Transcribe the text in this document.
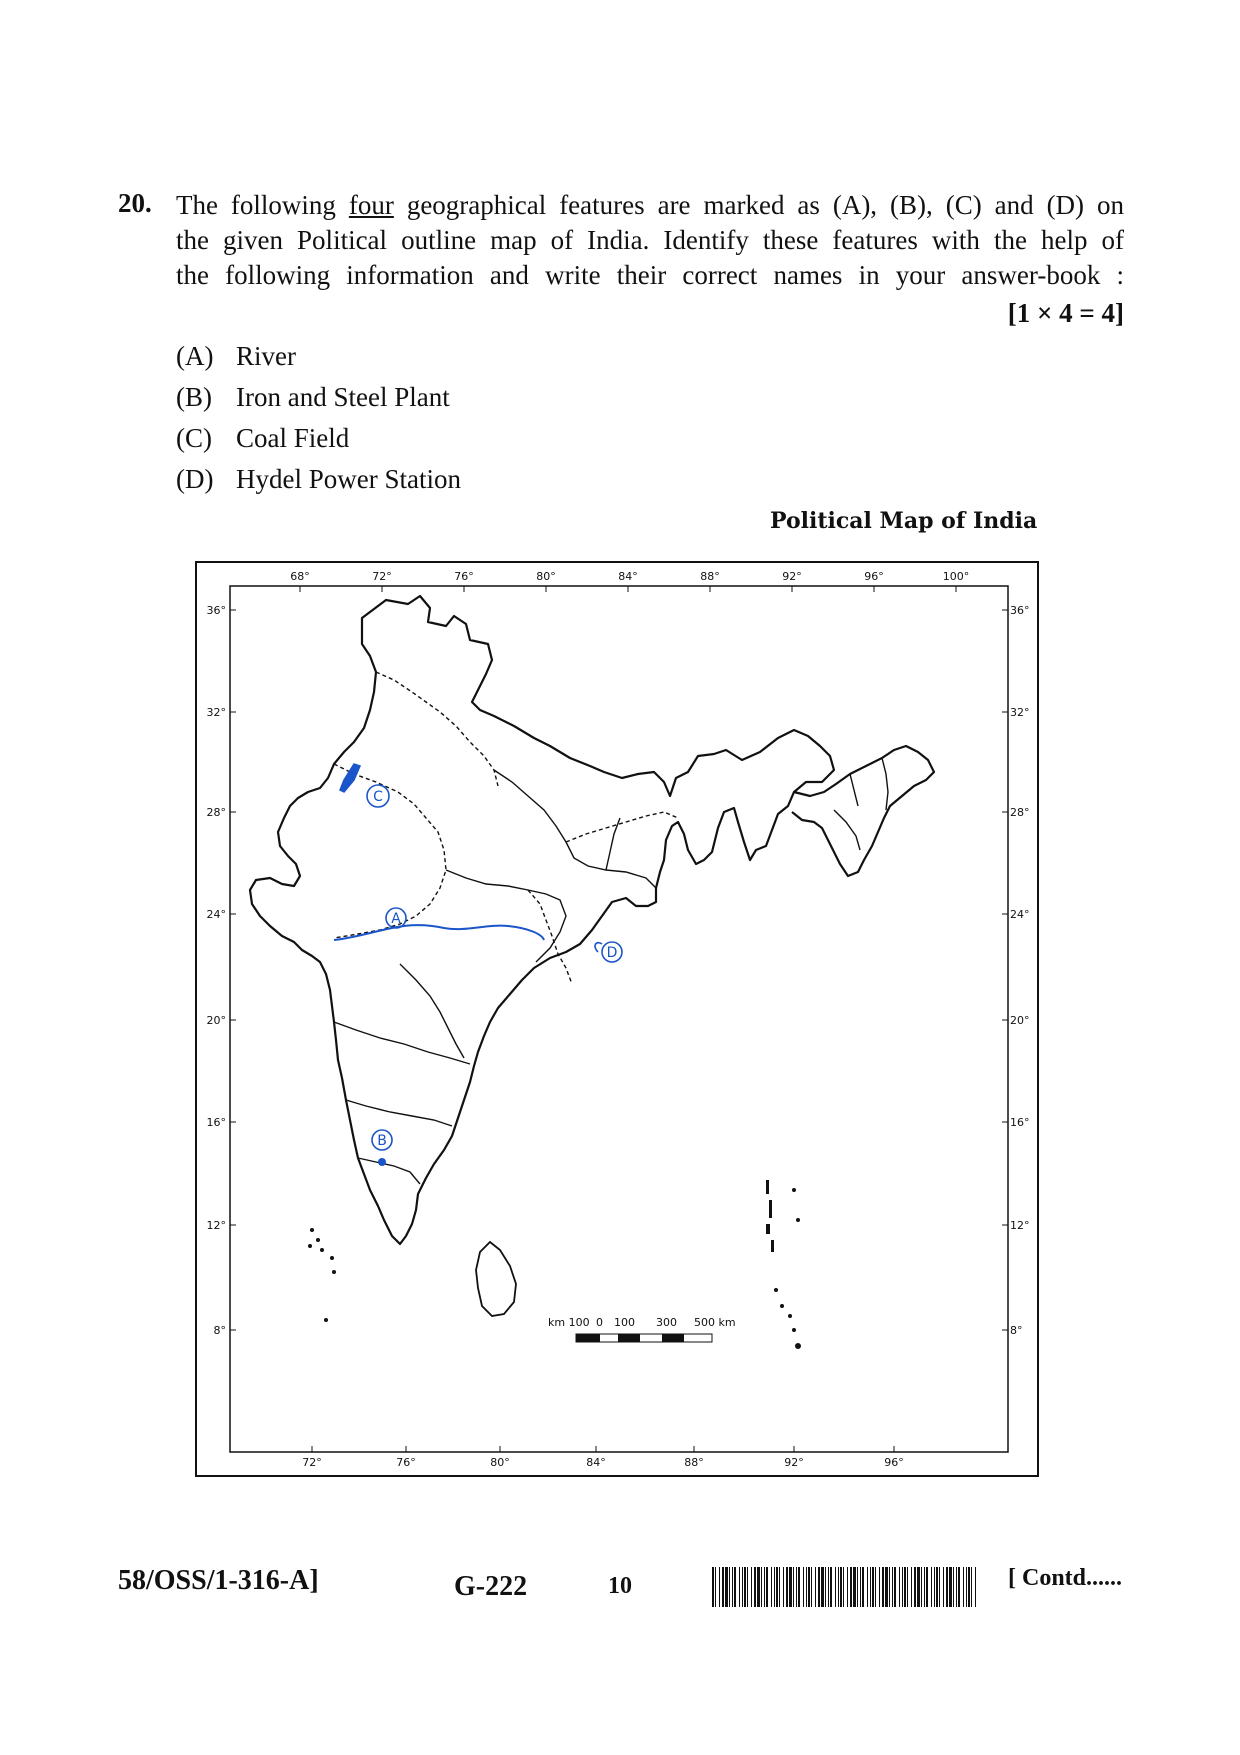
20. The following four geographical features are marked as (A), (B), (C) and (D) on
the given Political outline map of India. Identify these features with the help of
the following information and write their correct names in your answer-book :
[1 × 4 = 4]
(A) River
(B) Iron and Steel Plant
(C) Coal Field
(D) Hydel Power Station
Political Map of India
68°	72°	76°	80°	84°	88°	92°	96°	100°
72°	76°	80°	84°	88°	92°	96°
36°
32°
28°
24°
20°
16°
12°
8°
36°
32°
28°
24°
20°
16°
12°
8°
km 100 0 100 300 500 km
C
A
D
B
58/OSS/1-316-A]	G-222	10	[ Contd......
